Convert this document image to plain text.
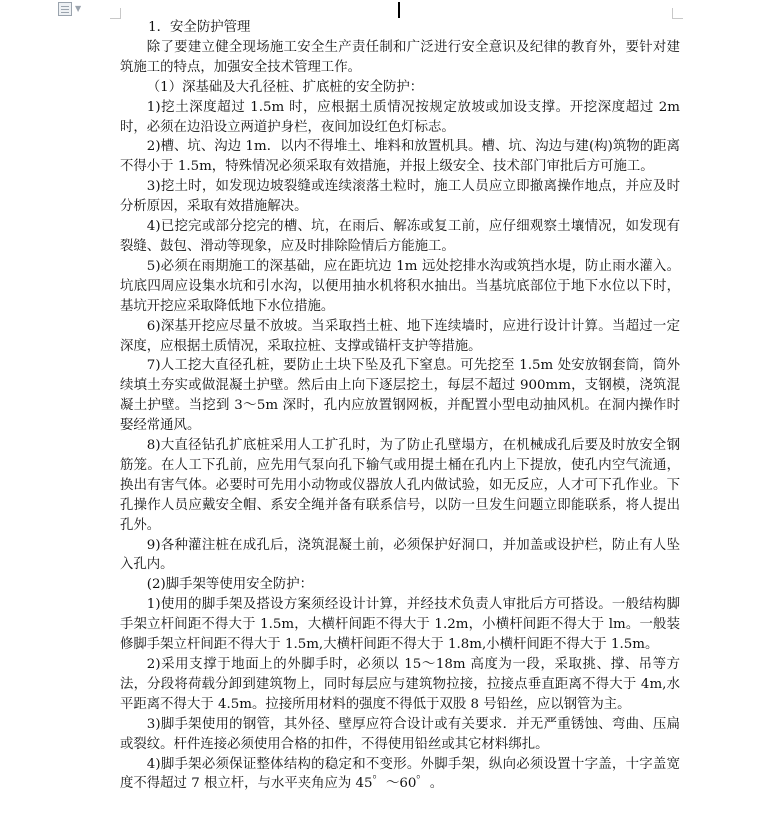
▼

1．安全防护管理

除了要建立健全现场施工安全生产责任制和广泛进行安全意识及纪律的教育外，要针对建筑施工的特点，加强安全技术管理工作。

（1）深基础及大孔径桩、扩底桩的安全防护：

1)挖土深度超过 1.5m 时，应根据土质情况按规定放坡或加设支撑。开挖深度超过 2m 时，必须在边沿设立两道护身栏，夜间加设红色灯标志。

2)槽、坑、沟边 1m．以内不得堆土、堆料和放置机具。槽、坑、沟边与建(构)筑物的距离不得小于 1.5m，特殊情况必须采取有效措施，并报上级安全、技术部门审批后方可施工。

3)挖土时，如发现边坡裂缝或连续滚落土粒时，施工人员应立即撤离操作地点，并应及时分析原因，采取有效措施解决。

4)已挖完或部分挖完的槽、坑，在雨后、解冻或复工前，应仔细观察土壤情况，如发现有裂缝、鼓包、滑动等现象，应及时排除险情后方能施工。

5)必须在雨期施工的深基础，应在距坑边 1m 远处挖排水沟或筑挡水堤，防止雨水灌入。坑底四周应设集水坑和引水沟，以便用抽水机将积水抽出。当基坑底部位于地下水位以下时，基坑开挖应采取降低地下水位措施。

6)深基开挖应尽量不放坡。当采取挡土桩、地下连续墙时，应进行设计计算。当超过一定深度，应根据土质情况，采取拉桩、支撑或锚杆支护等措施。

7)人工挖大直径孔桩，要防止土块下坠及孔下窒息。可先挖至 1.5m 处安放钢套筒，筒外续填土夯实或做混凝土护壁。然后由上向下逐层挖土，每层不超过 900mm，支钢模，浇筑混凝土护壁。当挖到 3～5m 深时，孔内应放置钢网板，并配置小型电动抽风机。在洞内操作时娶经常通风。

8)大直径钻孔扩底桩采用人工扩孔时，为了防止孔壁塌方，在机械成孔后要及时放安全钢筋笼。在人工下孔前，应先用气泵向孔下输气或用提土桶在孔内上下提放，使孔内空气流通，换出有害气体。必要时可先用小动物或仪器放人孔内做试验，如无反应，人才可下孔作业。下孔操作人员应戴安全帽、系安全绳并备有联系信号，以防一旦发生问题立即能联系，将人提出孔外。

9)各种灌注桩在成孔后，浇筑混凝土前，必须保护好洞口，并加盖或设护栏，防止有人坠入孔内。

(2)脚手架等使用安全防护：

1)使用的脚手架及搭设方案须经设计计算，并经技术负责人审批后方可搭设。一般结构脚手架立杆间距不得大于 1.5m，大横杆间距不得大于 1.2m，小横杆间距不得大于 lm。一般装修脚手架立杆间距不得大于 1.5m,大横杆间距不得大于 1.8m,小横杆间距不得大于 1.5m。

2)采用支撑于地面上的外脚手时，必须以 15～18m 高度为一段，采取挑、撑、吊等方法，分段将荷载分卸到建筑物上，同时每层应与建筑物拉接，拉接点垂直距离不得大于 4m,水平距离不得大于 4.5m。拉接所用材料的强度不得低于双股 8 号铅丝，应以钢管为主。

3)脚手架使用的钢管，其外径、壁厚应符合设计或有关要求．并无严重锈蚀、弯曲、压扁或裂纹。杆件连接必须使用合格的扣件，不得使用铅丝或其它材料绑扎。

4)脚手架必须保证整体结构的稳定和不变形。外脚手架，纵向必须设置十字盖，十字盖宽度不得超过 7 根立杆，与水平夹角应为 45゜～60゜。
